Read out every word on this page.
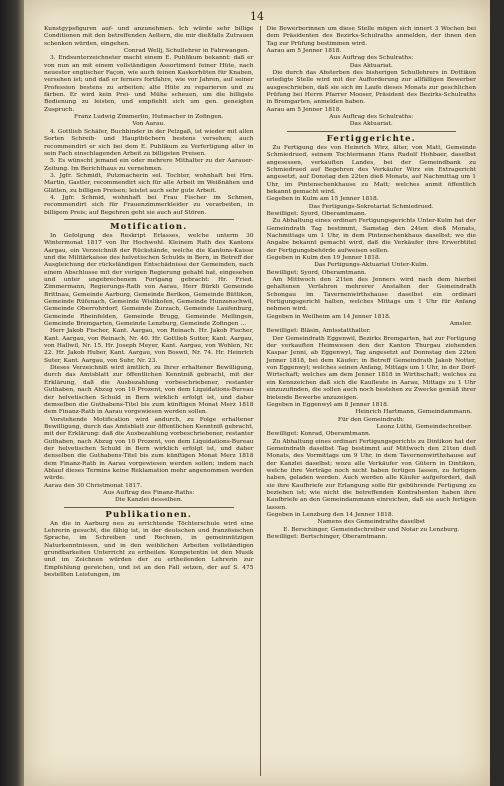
14

Kunstgypsfiguren auf- und anzunehmen. Ich würde sehr billige Conditionen mit den betreffenden Aeltern, die mir dießfalls Zutrauen schenken würden, eingehen.

Conrad Wellj, Schullehrer in Fahrwangen.

3. Endsunterzeichneter macht einem E. Publikum bekannt: daß er von nun an mit einem vollständigen Assortiment feiner Hüte, nach neuester englischer Façon, wie auch feinen Kaskorhüten für Knaben, versehen ist; und daß er ferners fortfahre, wie vor Jahren, auf seiner Profession bestens zu arbeiten; alte Hüte zu reparieren und zu färben. Er wird kein Prei- und Mühe scheuen, um die billigste Bedienung zu leisten, und empfiehlt sich um gen. geneigten Zuspruch.

Franz Ludwig Zimmerlin, Hutmacher in Zofingen.

Von Aarau.

4. Gottlieb Schäfer, Buchbinder in der Pelzgaß, ist wieder mit allen Sorten Schreib- und Hauptbüchern bestens versehen; auch recommendirt er sich bei dem E. Publikum zu Verfertigung aller in sein Fach einschlagenden Arbeit zu billigsten Preisen.

5. Es wünscht jemand ein oder mehrere Mithalter zu der Aarauer-Zeitung. Im Berichthaus zu vernehmen.

3. Jgfr. Schmidt, Putzmacherin sel. Tochter, wohnhaft bei Hrn. Martin, Gastler, recommendirt sich für alle Arbeit im Weißnähen und Glätten, zu billigen Preisen; leistet auch sehr gute Arbeit.

4. Jgfr. Schmid, wohnhaft bei Frau Fischer im Schmen, recommendirt sich für Frauenzimmerkleider zu verarbeiten, in billigem Preis; auf Begehren geht sie auch auf Stören.

Motification.

In Gefolgung des Reskript Erlasses, welche unterm 30 Wintermonat 1817 von Ihr Hochwohl. Kleinem Rath des Kantons Aargau, ein Verzeichniß der Rückstände, welche die Kantons-Kaisse und die Militärkaisse des helvetischen Schulds in Bern, in Betreff der Ausgleichung der rückständigen Entschädnisse der Gemeinden, nach einem Abschlusse mit der vorigen Regierung gehabt hat, eingesehen und unter ungebrechenem Fortgang gebracht: Hr. Fried. Zimmermann, Regierungs-Rath von Aarau, Herr Bürkli Gemeinde Brittnau, Gemeinde Aarburg, Gemeinde Berikon, Gemeinde Büttikon, Gemeinde Rüfenach, Gemeinde Wislikofen, Gemeinde Hunzenschwil, Gemeinde Oberrohrdorf, Gemeinde Zurzach, Gemeinde Laufenburg, Gemeinde Rheinfelden, Gemeinde Brugg, Gemeinde Mellingen, Gemeinde Bremgarten, Gemeinde Lenzburg, Gemeinde Zofingen ...

Herr Jakob Fischer, Kant. Aargau, von Reinach. Hr. Jakob Fischer, Kant. Aargau, von Reinach, Nr. 40. Hr. Gottlieb Sutter, Kant. Aargau, von Hallwil, Nr. 15. Hr. Joseph Meyer, Kant. Aargau, von Wohlen, Nr. 22. Hr. Jakob Huber, Kant. Aargau, von Boswil, Nr. 74. Hr. Heinrich Suter, Kant. Aargau, von Suhr, Nr. 23.

Dieses Verzeichniß wird ämtlich, zu Ihrer erhaltener Bewilligung, durch das Amtsblatt zur öffentlichen Kenntniß gebracht, mit der Erklärung, daß die Ausbezahlung vorbeschriebener, restanter Guthaben, nach Abzug von 10 Prozent, von dem Liquidations-Bureau der helvetischen Schuld in Bern wirklich erfolgt ist, und daher demselben die Guthabens-Titel bis zum künftigen Monat Merz 1818 dem Finanz-Rath in Aarau vorgewiesen werden sollen.

Vorstehende Motification wird andurch, zu Folge erhaltener Bewilligung, durch das Amtsblatt zur öffentlichen Kenntniß gebracht, mit der Erklärung: daß die Ausbezahlung vorbeschriebener, restanter Guthaben, nach Abzug von 10 Prozent, von dem Liquidations-Bureau der helvetischen Schuld in Bern wirklich erfolgt ist, und daher denselben die Guthabens-Titel bis zum künftigen Monat Merz 1818 dem Finanz-Rath in Aarau vorgewiesen werden sollen; indem nach Ablauf dieses Termins keine Reklamation mehr angenommen werden würde.

Aarau den 30 Christmonat 1817.

Aus Auftrag des Finanz-Raths:

Die Kanzlei desselben.

Publikationen.

An die in Aarburg neu zu errichtende Töchterschule wird eine Lehrerin gesucht, die fähig ist, in der deutschen und französischen Sprache, im Schreiben und Rechnen, in gemeinnützigen Naturkenntnissen, und in den weiblichen Arbeiten vollständigen grundbarkeiten Unterricht zu ertheilen. Kompetentin ist den Musik und im Zeichnen würden der zu ertheilenden Lehrerin zur Empfehlung gereichen, und ist an den Fall setzen, der auf S. 475 bestellten Leistungen, im

Die Bewerberinnen um diese Stelle mögen sich innert 3 Wochen bei dem Präsidenten des Bezirks-Schulraths anmelden, der ihnen den Tag zur Prüfung bestimmen wird.

Aarau am 5 Jenner 1818.

Aus Auftrag des Schulraths:

Das Aktuariat.

Die durch das Absterben des bisherigen Schullehrers in Dottikon erledigte Stelle wird mit der Aufforderung zur allfälligen Bewerber ausgeschrieben, daß sie sich im Laufe dieses Monats zur geschlichen Prüfung bei Herrn Pfarrer Mooser, Präsident des Bezirks-Schulraths in Bremgarten, anmelden haben.

Aarau am 5 Jenner 1818.

Aus Auftrag des Schulraths:

Das Aktuariat.

Fertiggerichte.

Zu Fertigung des von Heinrich Wirz, älter, von Matt, Gemeinde Schmiedrued, seinem Tochtermann Hans Rudolf Hohbaer, daselbst angesessen, verkauften Landes, bei der Gemeindbank zu Schmiedrued auf Begehren des Verkäufer Wirz ein Extragericht angesetzt, auf Donstag den 22ten dieß Monats, auf Nachmittag um 1 Uhr, im Pintenschenkhause zu Matt; welches anmit öffentlich bekannt gemacht wird.

Gegeben in Kulm am 15 Jenner 1818.

Das Fertigungs-Sekretariat Schmiedrued.

Bewilliget: Syord, Oberamtmann.

Zu Abhaltung eines ordinari Fertigungsgerichts Unter-Kulm hat der Gemeindrath Tag bestimmt, Samstag den 24ten dieß Monats, Nachmittags um 1 Uhr, in dem Pintenschenkhaus daselbst; wo die Angabe bekannt gemacht wird, daß die Verkäufer ihre Erwerbtitel der Fertigungsbehörde aufweisen sollen.

Gegeben in Kulm den 19 Jenner 1818.

Das Fertigungs-Aktuariat Unter-Kulm.

Bewilliget: Syord, Oberamtmann.

Am Mittwoch den 21ten des Jenners wird nach dem hierbei gehaltenen Verfahren mehrerer Anstalten der Gemeindrath Schongau im Tavernenwirthshause daselbst ein ordinari Fertigungsgericht halten, welches Mittags um 1 Uhr für Anfang nehmen wird.

Gegeben in Weilheim am 14 Jenner 1818.

Amsler.

Bewilliget: Bläsin, Amtsstatthalter.

Der Gemeindrath Eggenwil, Bezirks Bremgarten, hat zur Fertigung der verkauften Heimwesen den der Kanton Thurgau ziehenden Kaspar Jenni, ab Eggenwyl, Tag angesetzt auf Donnstag den 22ten Jenner 1818, bei dem Käufer; in Betreff Gemeindrath Jakob Notter, von Eggenwyl; welches seinen Anfang, Mittags um 1 Uhr, in der Dorf-Wirtschaft; welches am dem Jenner 1818 in Wirthschaft; welches zu ein Kennzeichen daß sich die Kaufleute in Aarau, Mittags zu 1 Uhr einzuzufinden, die sollen auch noch bestehen zu Zwecke gemäß ihrer bietende Bewerbe anzuzeigen.

Gegeben in Eggenwyl am 8 Jenner 1818.

Heinrich Hartmann, Gemeindammann.

Für den Gemeindrath:

Leonz Lüthi, Gemeindschreiber.

Bewilliget: Konrad, Oberamtmann.

Zu Abhaltung eines ordinari Fertigungsgerichts zu Dintikon hat der Gemeindrath daselbst Tag bestimmt auf Mittwoch den 21ten dieß Monats, des Vormittags um 9 Uhr, in dem Tavernenwirthshause auf der Kanzlei daselbst; wozu alle Verkäufer von Gütern in Dintikon, welche ihre Verträge noch nicht haben fertigen lassen, zu fertigen haben, geladen werden. Auch werden alle Käufer aufgefordert, daß sie ihre Kaufbriefe zur Erlangung solle für gebührende Fertigung zu beziehen ist; wie nicht die betreffenden Kontrahenten haben ihre Kaufbriefe an den Gemeindammann einreichen, daß sie auch fertigen lassen.

Gegeben in Lenzburg den 14 Jenner 1818.

Namens des Gemeindraths daselbst

E. Berschinger, Gemeindschreiber und Notar zu Lenzburg.

Bewilliget: Bertschinger, Oberamtmann.
